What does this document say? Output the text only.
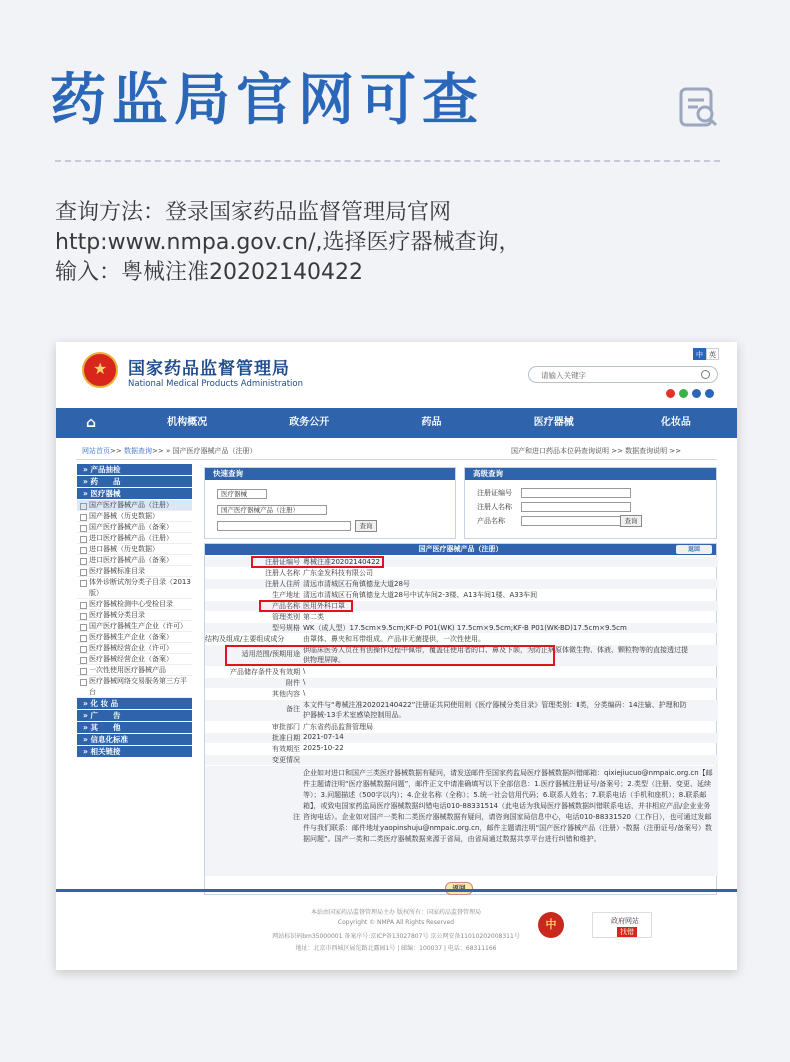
药监局官网可查
查询方法：登录国家药品监督管理局官网
http:www.nmpa.gov.cn/,选择医疗器械查询，
输入：粤械注准20202140422
★
国家药品监督管理局
National Medical Products Administration
中 英
请输入关键字
⌂	机构概况	政务公开	药品	医疗器械	化妆品
网站首页>> 数据查询>> » 国产医疗器械产品（注册）	国产和进口药品本位码查询说明 >> 数据查询说明 >>
» 产品抽检
» 药　　品
» 医疗器械
国产医疗器械产品（注册）
国产器械（历史数据）
国产医疗器械产品（备案）
进口医疗器械产品（注册）
进口器械（历史数据）
进口医疗器械产品（备案）
医疗器械标准目录
体外诊断试剂分类子目录（2013版）
医疗器械检测中心受检目录
医疗器械分类目录
国产医疗器械生产企业（许可）
医疗器械生产企业（备案）
医疗器械经营企业（许可）
医疗器械经营企业（备案）
一次性使用医疗器械产品
医疗器械网络交易服务第三方平台
» 化 妆 品
» 广　　告
» 其　　他
» 信息化标准
» 相关链接
快速查询
医疗器械
国产医疗器械产品（注册）
查询
高级查询
注册证编号
注册人名称
产品名称	查询
国产医疗器械产品（注册）	返回
注册证编号 粤械注准20202140422
注册人名称 广东金发科技有限公司
注册人住所 清远市清城区石角镇德龙大道28号
生产地址 清远市清城区石角镇德龙大道28号中试车间2-3楼、A13车间1楼、A33车间
产品名称 医用外科口罩
管理类别 第二类
型号规格 WK（成人型）17.5cm×9.5cm;KF-D P01(WK) 17.5cm×9.5cm;KF-B P01(WK-BD)17.5cm×9.5cm
结构及组成/主要组成成分	由罩体、鼻夹和耳带组成。产品非无菌提供，一次性使用。
适用范围/预期用途 供临床医务人员在有创操作过程中佩带，覆盖住使用者的口、鼻及下颌，为防止病原体微生物、体液、颗粒物等的直接透过提
供物理屏障。
产品储存条件及有效期 \
附件 \
其他内容 \
备注 本文件与“粤械注准20202140422”注册证共同使用则《医疗器械分类目录》管理类别：Ⅱ类，分类编码：14注输、护理和防
护器械-13手术室感染控制用品。
审批部门 广东省药品监督管理局
批准日期 2021-07-14
有效期至 2025-10-22
变更情况
注
企业如对进口和国产三类医疗器械数据有疑问，请发送邮件至国家药监局医疗器械数据纠错邮箱：qixiejiucuo@nmpaic.org.cn【邮件主题请注明“医疗器械数据问题”，邮件正文中请准确填写以下全部信息：1.医疗器械注册证号/备案号；2.类型（注册、变更、延续等）；3.问题描述（500字以内）；4.企业名称（全称）；5.统一社会信用代码；6.联系人姓名；7.联系电话（手机和座机）；8.联系邮箱】，或致电国家药监局医疗器械数据纠错电话010-88331514（此电话为我局医疗器械数据纠错联系电话，并非相应产品/企业业务咨询电话）。企业如对国产一类和二类医疗器械数据有疑问，请咨询国家局信息中心，电话010-88331520（工作日），也可通过发邮件与我们联系：邮件地址yaopinshuju@nmpaic.org.cn，邮件主题请注明“国产医疗器械产品（注册）-数据（注册证号/备案号）数据问题”。国产一类和二类医疗器械数据来源于省局，由省局通过数据共享平台进行纠错和维护。
返回
本站由国家药品监督管理局主办 版权所有：国家药品监督管理局
Copyright © NMPA All Rights Reserved
网站标识码bm35000001 备案序号:京ICP备13027807号 京公网安备11010202008311号
地址：北京市西城区展览路北露园1号 | 邮编：100037 | 电话：68311166
中	政府网站
找错
